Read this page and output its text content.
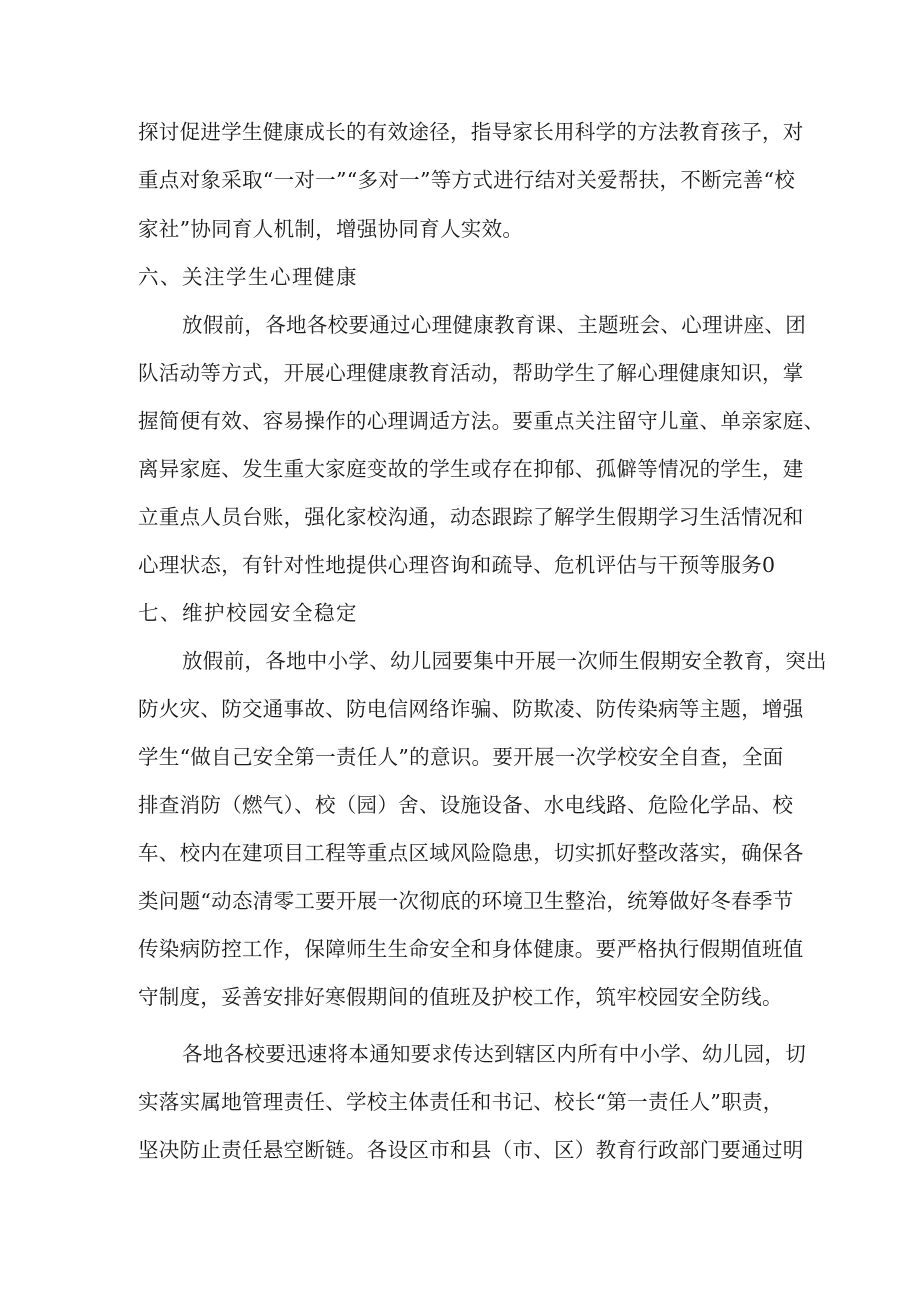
探讨促进学生健康成长的有效途径，指导家长用科学的方法教育孩子，对
重点对象采取“一对一”“多对一”等方式进行结对关爱帮扶，不断完善“校
家社”协同育人机制，增强协同育人实效。
六、关注学生心理健康
放假前，各地各校要通过心理健康教育课、主题班会、心理讲座、团
队活动等方式，开展心理健康教育活动，帮助学生了解心理健康知识，掌
握简便有效、容易操作的心理调适方法。要重点关注留守儿童、单亲家庭、
离异家庭、发生重大家庭变故的学生或存在抑郁、孤僻等情况的学生，建
立重点人员台账，强化家校沟通，动态跟踪了解学生假期学习生活情况和
心理状态，有针对性地提供心理咨询和疏导、危机评估与干预等服务0
七、维护校园安全稳定
放假前，各地中小学、幼儿园要集中开展一次师生假期安全教育，突出
防火灾、防交通事故、防电信网络诈骗、防欺凌、防传染病等主题，增强
学生“做自己安全第一责任人”的意识。要开展一次学校安全自查，全面
排查消防（燃气）、校（园）舍、设施设备、水电线路、危险化学品、校
车、校内在建项目工程等重点区域风险隐患，切实抓好整改落实，确保各
类问题“动态清零工要开展一次彻底的环境卫生整治，统筹做好冬春季节
传染病防控工作，保障师生生命安全和身体健康。要严格执行假期值班值
守制度，妥善安排好寒假期间的值班及护校工作，筑牢校园安全防线。
各地各校要迅速将本通知要求传达到辖区内所有中小学、幼儿园，切
实落实属地管理责任、学校主体责任和书记、校长“第一责任人”职责，
坚决防止责任悬空断链。各设区市和县（市、区）教育行政部门要通过明
